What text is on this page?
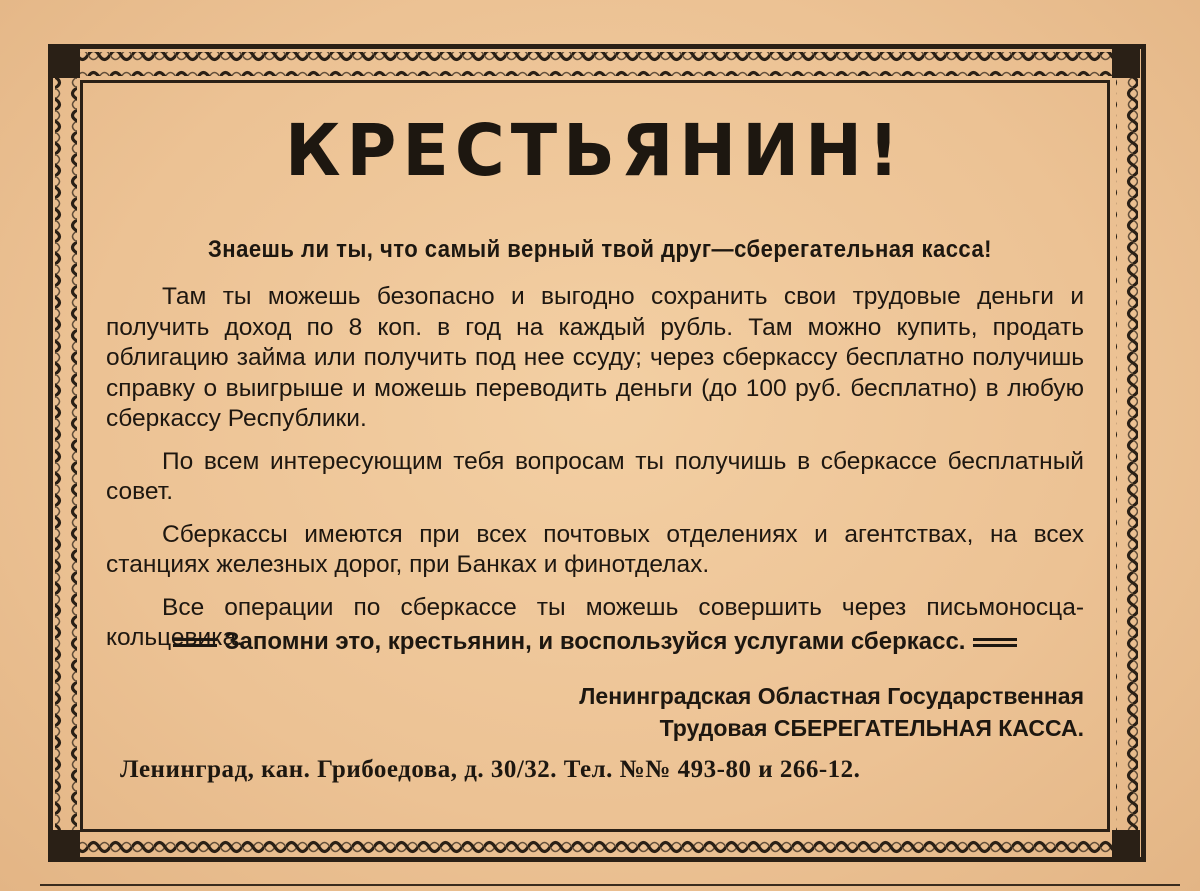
КРЕСТЬЯНИН!
Знаешь ли ты, что самый верный твой друг—сберегательная касса!

Там ты можешь безопасно и выгодно сохранить свои трудовые деньги и получить доход по 8 коп. в год на каждый рубль. Там можно купить, продать облигацию займа или получить под нее ссуду; через сберкассу бесплатно получишь справку о выигрыше и можешь переводить деньги (до 100 руб. бесплатно) в любую сберкассу Республики.

По всем интересующим тебя вопросам ты получишь в сберкассе бесплатный совет.

Сберкассы имеются при всех почтовых отделениях и агентствах, на всех станциях железных дорог, при Банках и финотделах.

Все операции по сберкассе ты можешь совершить через письмоносца-кольцевика.

Запомни это, крестьянин, и воспользуйся услугами сберкасс.
Ленинградская Областная Государственная
Трудовая СБЕРЕГАТЕЛЬНАЯ КАССА.
Ленинград, кан. Грибоедова, д. 30/32. Тел. №№ 493-80 и 266-12.
